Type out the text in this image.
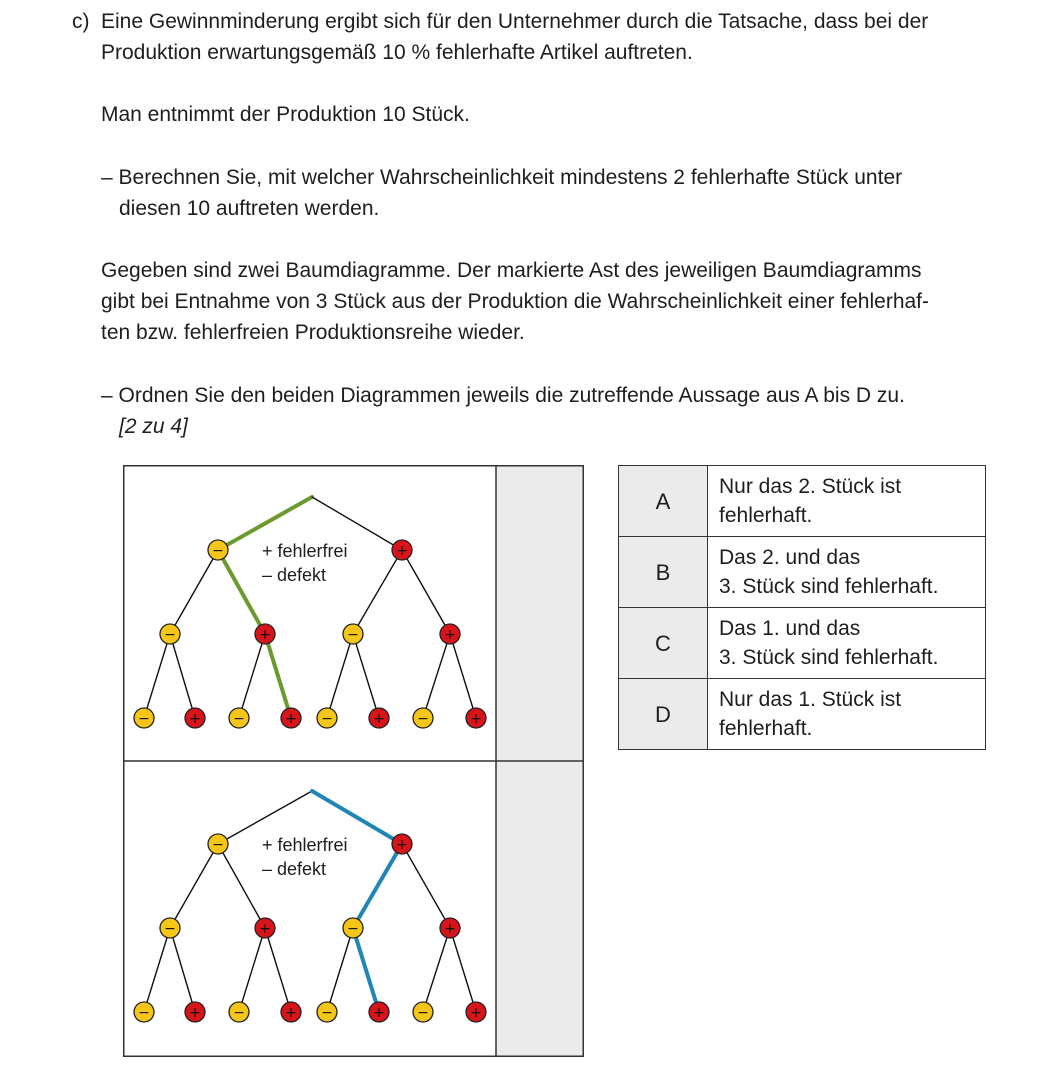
c) Eine Gewinnminderung ergibt sich für den Unternehmer durch die Tatsache, dass bei der
Produktion erwartungsgemäß 10 % fehlerhafte Artikel auftreten.
Man entnimmt der Produktion 10 Stück.
– Berechnen Sie, mit welcher Wahrscheinlichkeit mindestens 2 fehlerhafte Stück unter
diesen 10 auftreten werden.
Gegeben sind zwei Baumdiagramme. Der markierte Ast des jeweiligen Baumdiagramms
gibt bei Entnahme von 3 Stück aus der Produktion die Wahrscheinlichkeit einer fehlerhaf-
ten bzw. fehlerfreien Produktionsreihe wieder.
– Ordnen Sie den beiden Diagrammen jeweils die zutreffende Aussage aus A bis D zu.
[2 zu 4]
−	+
−	+	−	+
−	+ −	+ −	+ −	+
−	+
−	+	−	+
−	+ −	+ −	+ −	+
+ fehlerfrei
– defekt
+ fehlerfrei
– defekt
A	Nur das 2. Stück ist
fehlerhaft.

B	Das 2. und das
3. Stück sind fehlerhaft.

C	Das 1. und das
3. Stück sind fehlerhaft.

D	Nur das 1. Stück ist
fehlerhaft.
